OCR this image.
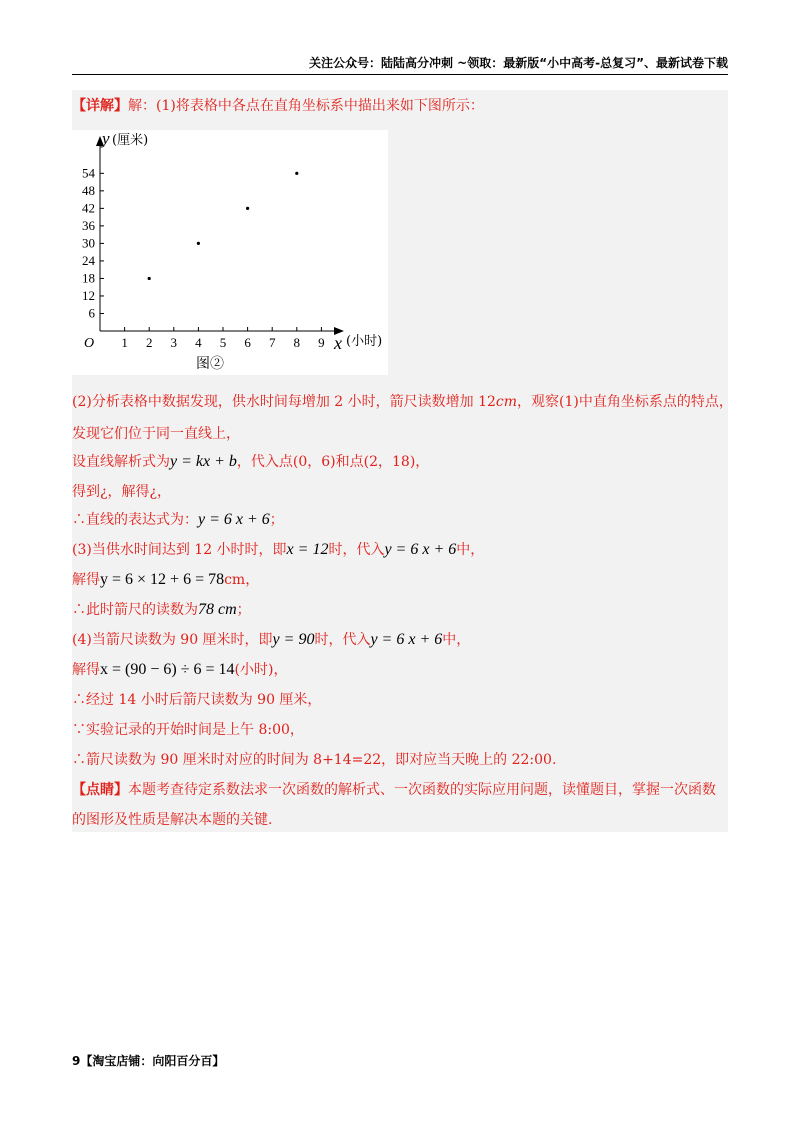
关注公众号：陆陆高分冲刺 ~领取：最新版“小中高考-总复习”、最新试卷下载
【详解】解：(1)将表格中各点在直角坐标系中描出来如下图所示：
1 2 3 4 5 6 7 8 9
6
12
18
24
30
36
42
48
54
O
y (厘米)
x (小时)
图②
(2)分析表格中数据发现，供水时间每增加 2 小时，箭尺读数增加 12cm，观察(1)中直角坐标系点的特点，
发现它们位于同一直线上，
设直线解析式为y = kx + b，代入点(0，6)和点(2，18)，
得到¿，解得¿，
∴直线的表达式为：y = 6 x + 6；
(3)当供水时间达到 12 小时时，即x = 12时，代入y = 6 x + 6中，
解得y = 6 × 12 + 6 = 78cm，
∴此时箭尺的读数为78 cm；
(4)当箭尺读数为 90 厘米时，即y = 90时，代入y = 6 x + 6中，
解得x = (90 − 6) ÷ 6 = 14(小时)，
∴经过 14 小时后箭尺读数为 90 厘米，
∵实验记录的开始时间是上午 8:00，
∴箭尺读数为 90 厘米时对应的时间为 8+14=22，即对应当天晚上的 22:00.
【点睛】本题考查待定系数法求一次函数的解析式、一次函数的实际应用问题，读懂题目，掌握一次函数
的图形及性质是解决本题的关键.
9【淘宝店铺：向阳百分百】
